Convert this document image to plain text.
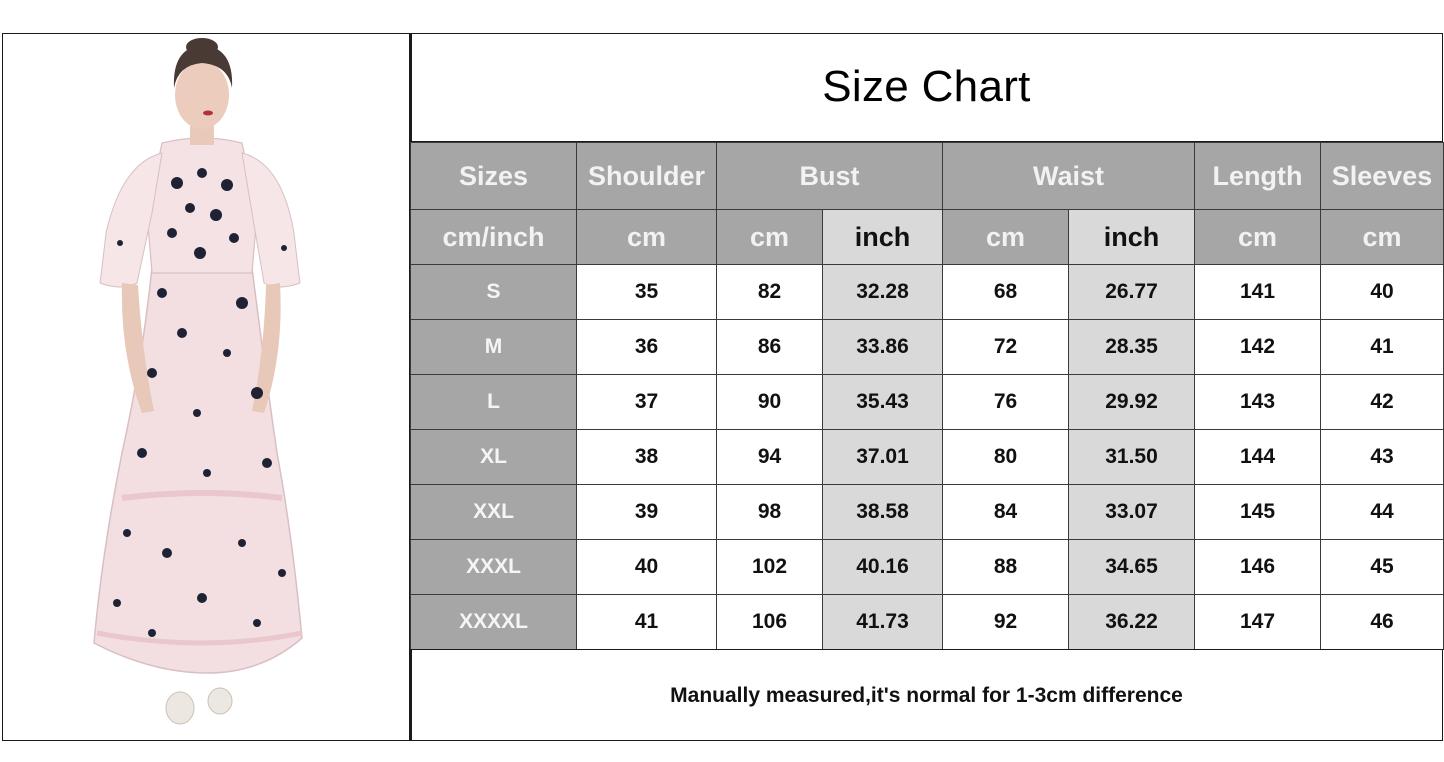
Size Chart
Sizes	Shoulder	Bust		Waist		Length	Sleeves
cm/inch	cm	cm	inch	cm	inch	cm	cm
S	35	82	32.28	68	26.77	141	40
M	36	86	33.86	72	28.35	142	41
L	37	90	35.43	76	29.92	143	42
XL	38	94	37.01	80	31.50	144	43
XXL	39	98	38.58	84	33.07	145	44
XXXL	40	102	40.16	88	34.65	146	45
XXXXL	41	106	41.73	92	36.22	147	46
Manually measured,it's normal for 1-3cm difference
